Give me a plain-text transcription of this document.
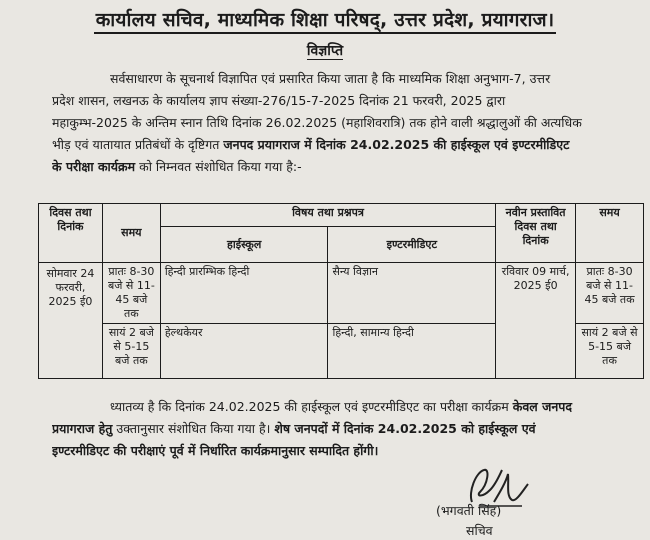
कार्यालय सचिव, माध्यमिक शिक्षा परिषद्, उत्तर प्रदेश, प्रयागराज।
विज्ञप्ति
सर्वसाधारण के सूचनार्थ विज्ञापित एवं प्रसारित किया जाता है कि माध्यमिक शिक्षा अनुभाग-7, उत्तर
प्रदेश शासन, लखनऊ के कार्यालय ज्ञाप संख्या-276/15-7-2025 दिनांक 21 फरवरी, 2025 द्वारा
महाकुम्भ-2025 के अन्तिम स्नान तिथि दिनांक 26.02.2025 (महाशिवरात्रि) तक होने वाली श्रद्धालुओं की अत्यधिक
भीड़ एवं यातायात प्रतिबंधों के दृष्टिगत जनपद प्रयागराज में दिनांक 24.02.2025 की हाईस्कूल एवं इण्टरमीडिएट
के परीक्षा कार्यक्रम को निम्नवत संशोधित किया गया है:-
दिवस तथा दिनांक	समय	विषय तथा प्रश्नपत्र		नवीन प्रस्तावित दिवस तथा दिनांक	समय
		हाईस्कूल	इण्टरमीडिएट		
सोमवार 24 फरवरी, 2025 ई0	प्रातः 8-30 बजे से 11-45 बजे तक	हिन्दी प्रारम्भिक हिन्दी	सैन्य विज्ञान	रविवार 09 मार्च, 2025 ई0	प्रातः 8-30 बजे से 11-45 बजे तक
	सायं 2 बजे से 5-15 बजे तक	हेल्थकेयर	हिन्दी, सामान्य हिन्दी		सायं 2 बजे से 5-15 बजे तक
ध्यातव्य है कि दिनांक 24.02.2025 की हाईस्कूल एवं इण्टरमीडिएट का परीक्षा कार्यक्रम केवल जनपद
प्रयागराज हेतु उक्तानुसार संशोधित किया गया है। शेष जनपदों में दिनांक 24.02.2025 को हाईस्कूल एवं
इण्टरमीडिएट की परीक्षाएं पूर्व में निर्धारित कार्यक्रमानुसार सम्पादित होंगी।
(भगवती सिंह)
सचिव
